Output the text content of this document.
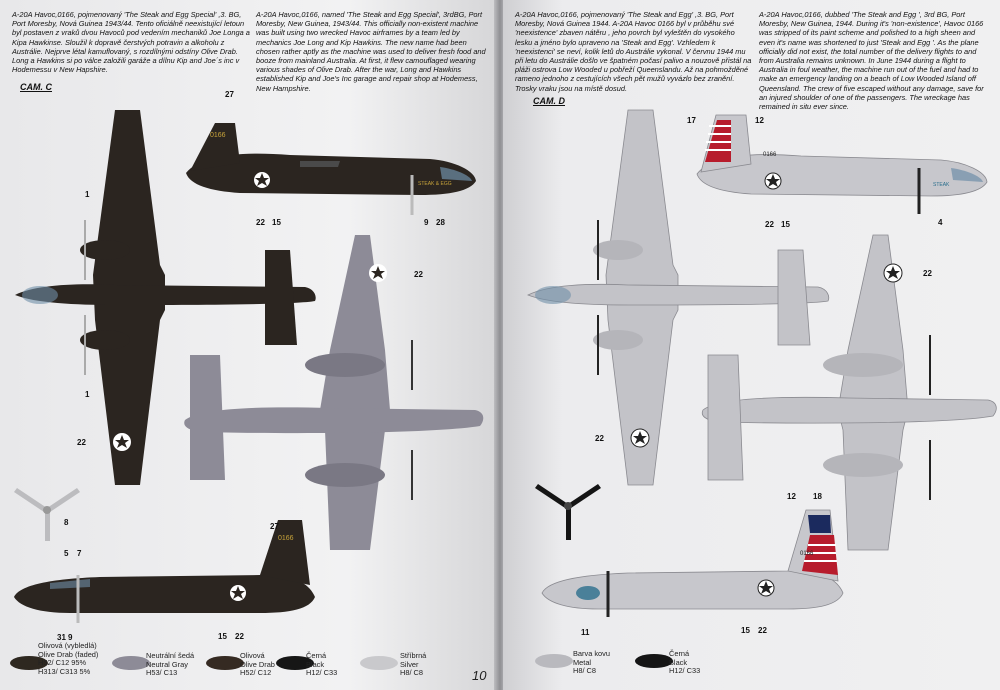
A-20A Havoc,0166, pojmenovaný 'The Steak and Egg Special' ,3. BG, Port Moresby, Nová Guinea 1943/44. Tento oficiálně neexistující letoun byl postaven z vraků dvou Havoců pod vedením mechaniků Joe Longa a Kipa Hawkinse. Sloužil k dopravě čerstvých potravin a alkoholu z Austrálie. Nejprve létal kamuflovaný, s rozdílnými odstíny Olive Drab. Long a Hawkins si po válce založili garáže a dílnu Kip and Joe´s inc v Hodemessu v New Hapshire.
A-20A Havoc,0166, named 'The Steak and Egg Special', 3rdBG, Port Moresby, New Guinea, 1943/44. This officially non-existent machine was built using two wrecked Havoc airframes by a team led by mechanics Joe Long and Kip Hawkins. The new name had been chosen rather aptly as the machine was used to deliver fresh food and booze from mainland Australia. At first, it flew camouflaged wearing various shades of Olive Drab. After the war, Long and Hawkins established Kip and Joe's Inc garage and repair shop at Hodemess, New Hampshire.
CAM. C
0166
STEAK & EGG
0166
27
1
1
22 15	9 28
22
22
8
5 7
27
31 9	15 22
Olivová (vybledlá)
Olive Drab (faded)
H52/ C12 95%
H313/ C313 5%
Neutrální šedá
Neutral Gray
H53/ C13
Olivová
Olive Drab
H52/ C12
Černá
Black
H12/ C33
Stříbrná
Silver
H8/ C8	10
A-20A Havoc,0166, pojmenovaný 'The Steak and Egg' ,3. BG, Port Moresby, Nová Guinea 1944. A-20A Havoc 0166 byl v průběhu své 'neexistence' zbaven nátěru , jeho povrch byl vyleštěn do vysokého lesku a jméno bylo upraveno na 'Steak and Egg'. Vzhledem k 'neexistenci' se neví, kolik letů do Austrálie vykonal. V červnu 1944 mu při letu do Austrálie došlo ve špatném počasí palivo a nouzově přistál na pláži ostrova Low Wooded u pobřeží Queenslandu. Až na pohmožděné rameno jednoho z cestujících všech pět mužů vyvázlo bez zranění. Trosky vraku jsou na místě dosud.
A-20A Havoc,0166, dubbed 'The Steak and Egg ', 3rd BG, Port Moresby, New Guinea, 1944. During it's 'non-existence', Havoc 0166 was stripped of its paint scheme and polished to a high sheen and even it's name was shortened to just 'Steak and Egg '. As the plane officially did not exist, the total number of the delivery flights to and from Australia remains unknown. In June 1944 during a flight to Australia in foul weather, the machine run out of the fuel and had to make an emergency landing on a beach of Low Wooded Island off Queensland. The crew of five escaped without any damage, save for an injured shoulder of one of the passengers. The wreckage has remained in situ ever since.
CAM. D
0166
STEAK
0166
17	12
22 15	4
22
22
12 18
11	15 22
Barva kovu
Metal
H8/ C8
Černá
Black
H12/ C33
